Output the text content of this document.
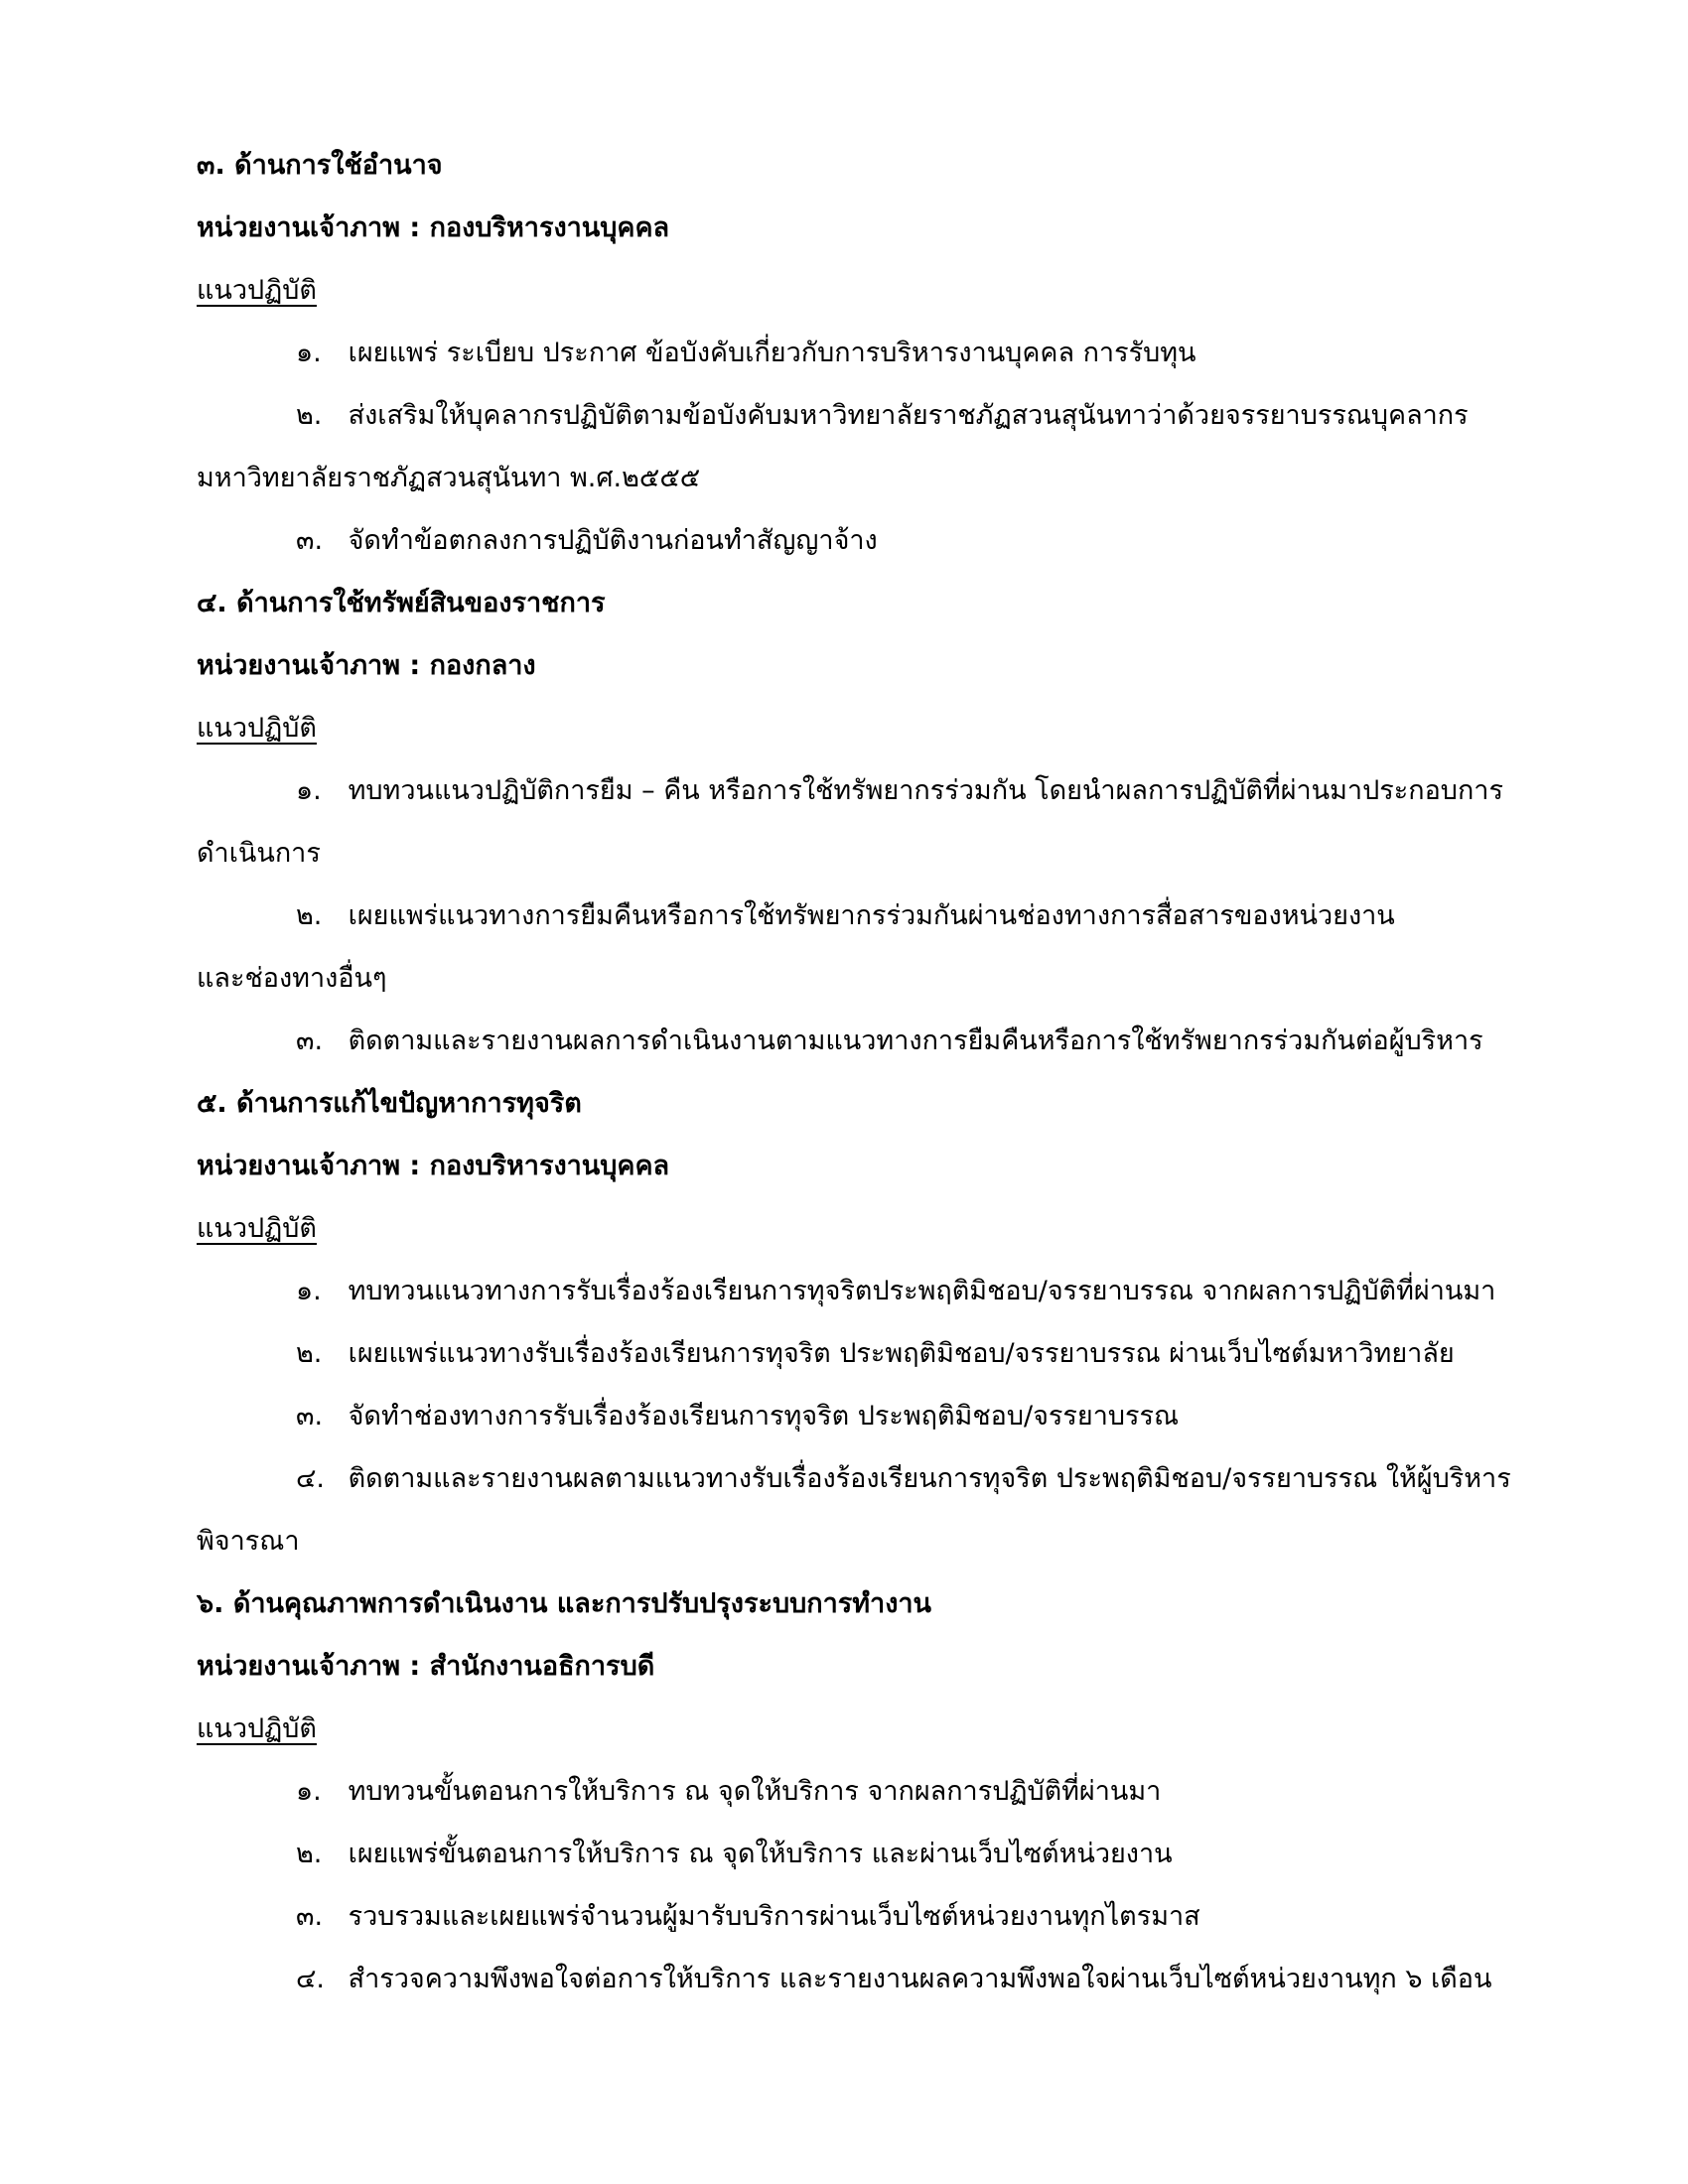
๓. ด้านการใช้อำนาจ
หน่วยงานเจ้าภาพ : กองบริหารงานบุคคล
แนวปฏิบัติ
๑. เผยแพร่ ระเบียบ ประกาศ ข้อบังคับเกี่ยวกับการบริหารงานบุคคล การรับทุน
๒. ส่งเสริมให้บุคลากรปฏิบัติตามข้อบังคับมหาวิทยาลัยราชภัฏสวนสุนันทาว่าด้วยจรรยาบรรณบุคลากร
มหาวิทยาลัยราชภัฏสวนสุนันทา พ.ศ.๒๕๕๕
๓. จัดทำข้อตกลงการปฏิบัติงานก่อนทำสัญญาจ้าง
๔. ด้านการใช้ทรัพย์สินของราชการ
หน่วยงานเจ้าภาพ : กองกลาง
แนวปฏิบัติ
๑. ทบทวนแนวปฏิบัติการยืม – คืน หรือการใช้ทรัพยากรร่วมกัน โดยนำผลการปฏิบัติที่ผ่านมาประกอบการ
ดำเนินการ
๒. เผยแพร่แนวทางการยืมคืนหรือการใช้ทรัพยากรร่วมกันผ่านช่องทางการสื่อสารของหน่วยงาน
และช่องทางอื่นๆ
๓. ติดตามและรายงานผลการดำเนินงานตามแนวทางการยืมคืนหรือการใช้ทรัพยากรร่วมกันต่อผู้บริหาร
๕. ด้านการแก้ไขปัญหาการทุจริต
หน่วยงานเจ้าภาพ : กองบริหารงานบุคคล
แนวปฏิบัติ
๑. ทบทวนแนวทางการรับเรื่องร้องเรียนการทุจริตประพฤติมิชอบ/จรรยาบรรณ จากผลการปฏิบัติที่ผ่านมา
๒. เผยแพร่แนวทางรับเรื่องร้องเรียนการทุจริต ประพฤติมิชอบ/จรรยาบรรณ ผ่านเว็บไซต์มหาวิทยาลัย
๓. จัดทำช่องทางการรับเรื่องร้องเรียนการทุจริต ประพฤติมิชอบ/จรรยาบรรณ
๔. ติดตามและรายงานผลตามแนวทางรับเรื่องร้องเรียนการทุจริต ประพฤติมิชอบ/จรรยาบรรณ ให้ผู้บริหาร
พิจารณา
๖. ด้านคุณภาพการดำเนินงาน และการปรับปรุงระบบการทำงาน
หน่วยงานเจ้าภาพ : สำนักงานอธิการบดี
แนวปฏิบัติ
๑. ทบทวนขั้นตอนการให้บริการ ณ จุดให้บริการ จากผลการปฏิบัติที่ผ่านมา
๒. เผยแพร่ขั้นตอนการให้บริการ ณ จุดให้บริการ และผ่านเว็บไซต์หน่วยงาน
๓. รวบรวมและเผยแพร่จำนวนผู้มารับบริการผ่านเว็บไซต์หน่วยงานทุกไตรมาส
๔. สำรวจความพึงพอใจต่อการให้บริการ และรายงานผลความพึงพอใจผ่านเว็บไซต์หน่วยงานทุก ๖ เดือน
